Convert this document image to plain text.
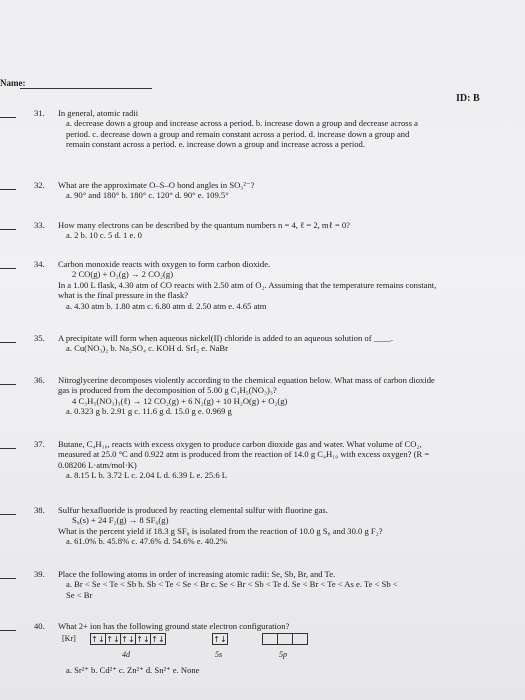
Name:
ID: B
31. In general, atomic radii
a. decrease down a group and increase across a period. b. increase down a group and decrease across a
period. c. decrease down a group and remain constant across a period. d. increase down a group and
remain constant across a period. e. increase down a group and increase across a period.
32. What are the approximate O–S–O bond angles in SO₃²⁻?
a. 90° and 180° b. 180° c. 120° d. 90° e. 109.5°
33. How many electrons can be described by the quantum numbers n = 4, ℓ = 2, mℓ = 0?
a. 2 b. 10 c. 5 d. 1 e. 0
34. Carbon monoxide reacts with oxygen to form carbon dioxide.
2 CO(g) + O₂(g) → 2 CO₂(g)
In a 1.00 L flask, 4.30 atm of CO reacts with 2.50 atm of O₂. Assuming that the temperature remains constant,
what is the final pressure in the flask?
a. 4.30 atm b. 1.80 atm c. 6.80 atm d. 2.50 atm e. 4.65 atm
35. A precipitate will form when aqueous nickel(II) chloride is added to an aqueous solution of ____.
a. Cu(NO₃)₂ b. Na₂SO₄ c. KOH d. SrI₂ e. NaBr
36. Nitroglycerine decomposes violently according to the chemical equation below. What mass of carbon dioxide
gas is produced from the decomposition of 5.00 g C₃H₅(NO₃)₃?
4 C₃H₅(NO₃)₃(ℓ) → 12 CO₂(g) + 6 N₂(g) + 10 H₂O(g) + O₂(g)
a. 0.323 g b. 2.91 g c. 11.6 g d. 15.0 g e. 0.969 g
37. Butane, C₄H₁₀, reacts with excess oxygen to produce carbon dioxide gas and water. What volume of CO₂,
measured at 25.0 °C and 0.922 atm is produced from the reaction of 14.0 g C₄H₁₀ with excess oxygen? (R =
0.08206 L·atm/mol·K)
a. 8.15 L b. 3.72 L c. 2.04 L d. 6.39 L e. 25.6 L
38. Sulfur hexafluoride is produced by reacting elemental sulfur with fluorine gas.
S₈(s) + 24 F₂(g) → 8 SF₆(g)
What is the percent yield if 18.3 g SF₆ is isolated from the reaction of 10.0 g S₈ and 30.0 g F₂?
a. 61.0% b. 45.8% c. 47.6% d. 54.6% e. 40.2%
39. Place the following atoms in order of increasing atomic radii: Se, Sb, Br, and Te.
a. Br < Se < Te < Sb b. Sb < Te < Se < Br c. Se < Br < Sb < Te d. Se < Br < Te < As e. Te < Sb <
Se < Br
40. What 2+ ion has the following ground state electron configuration?
[Kr] ↑↓ ↑↓ ↑↓ ↑↓ ↑↓	↑↓
4d	5s	5p
a. Sr²⁺ b. Cd²⁺ c. Zn²⁺ d. Sn²⁺ e. None
